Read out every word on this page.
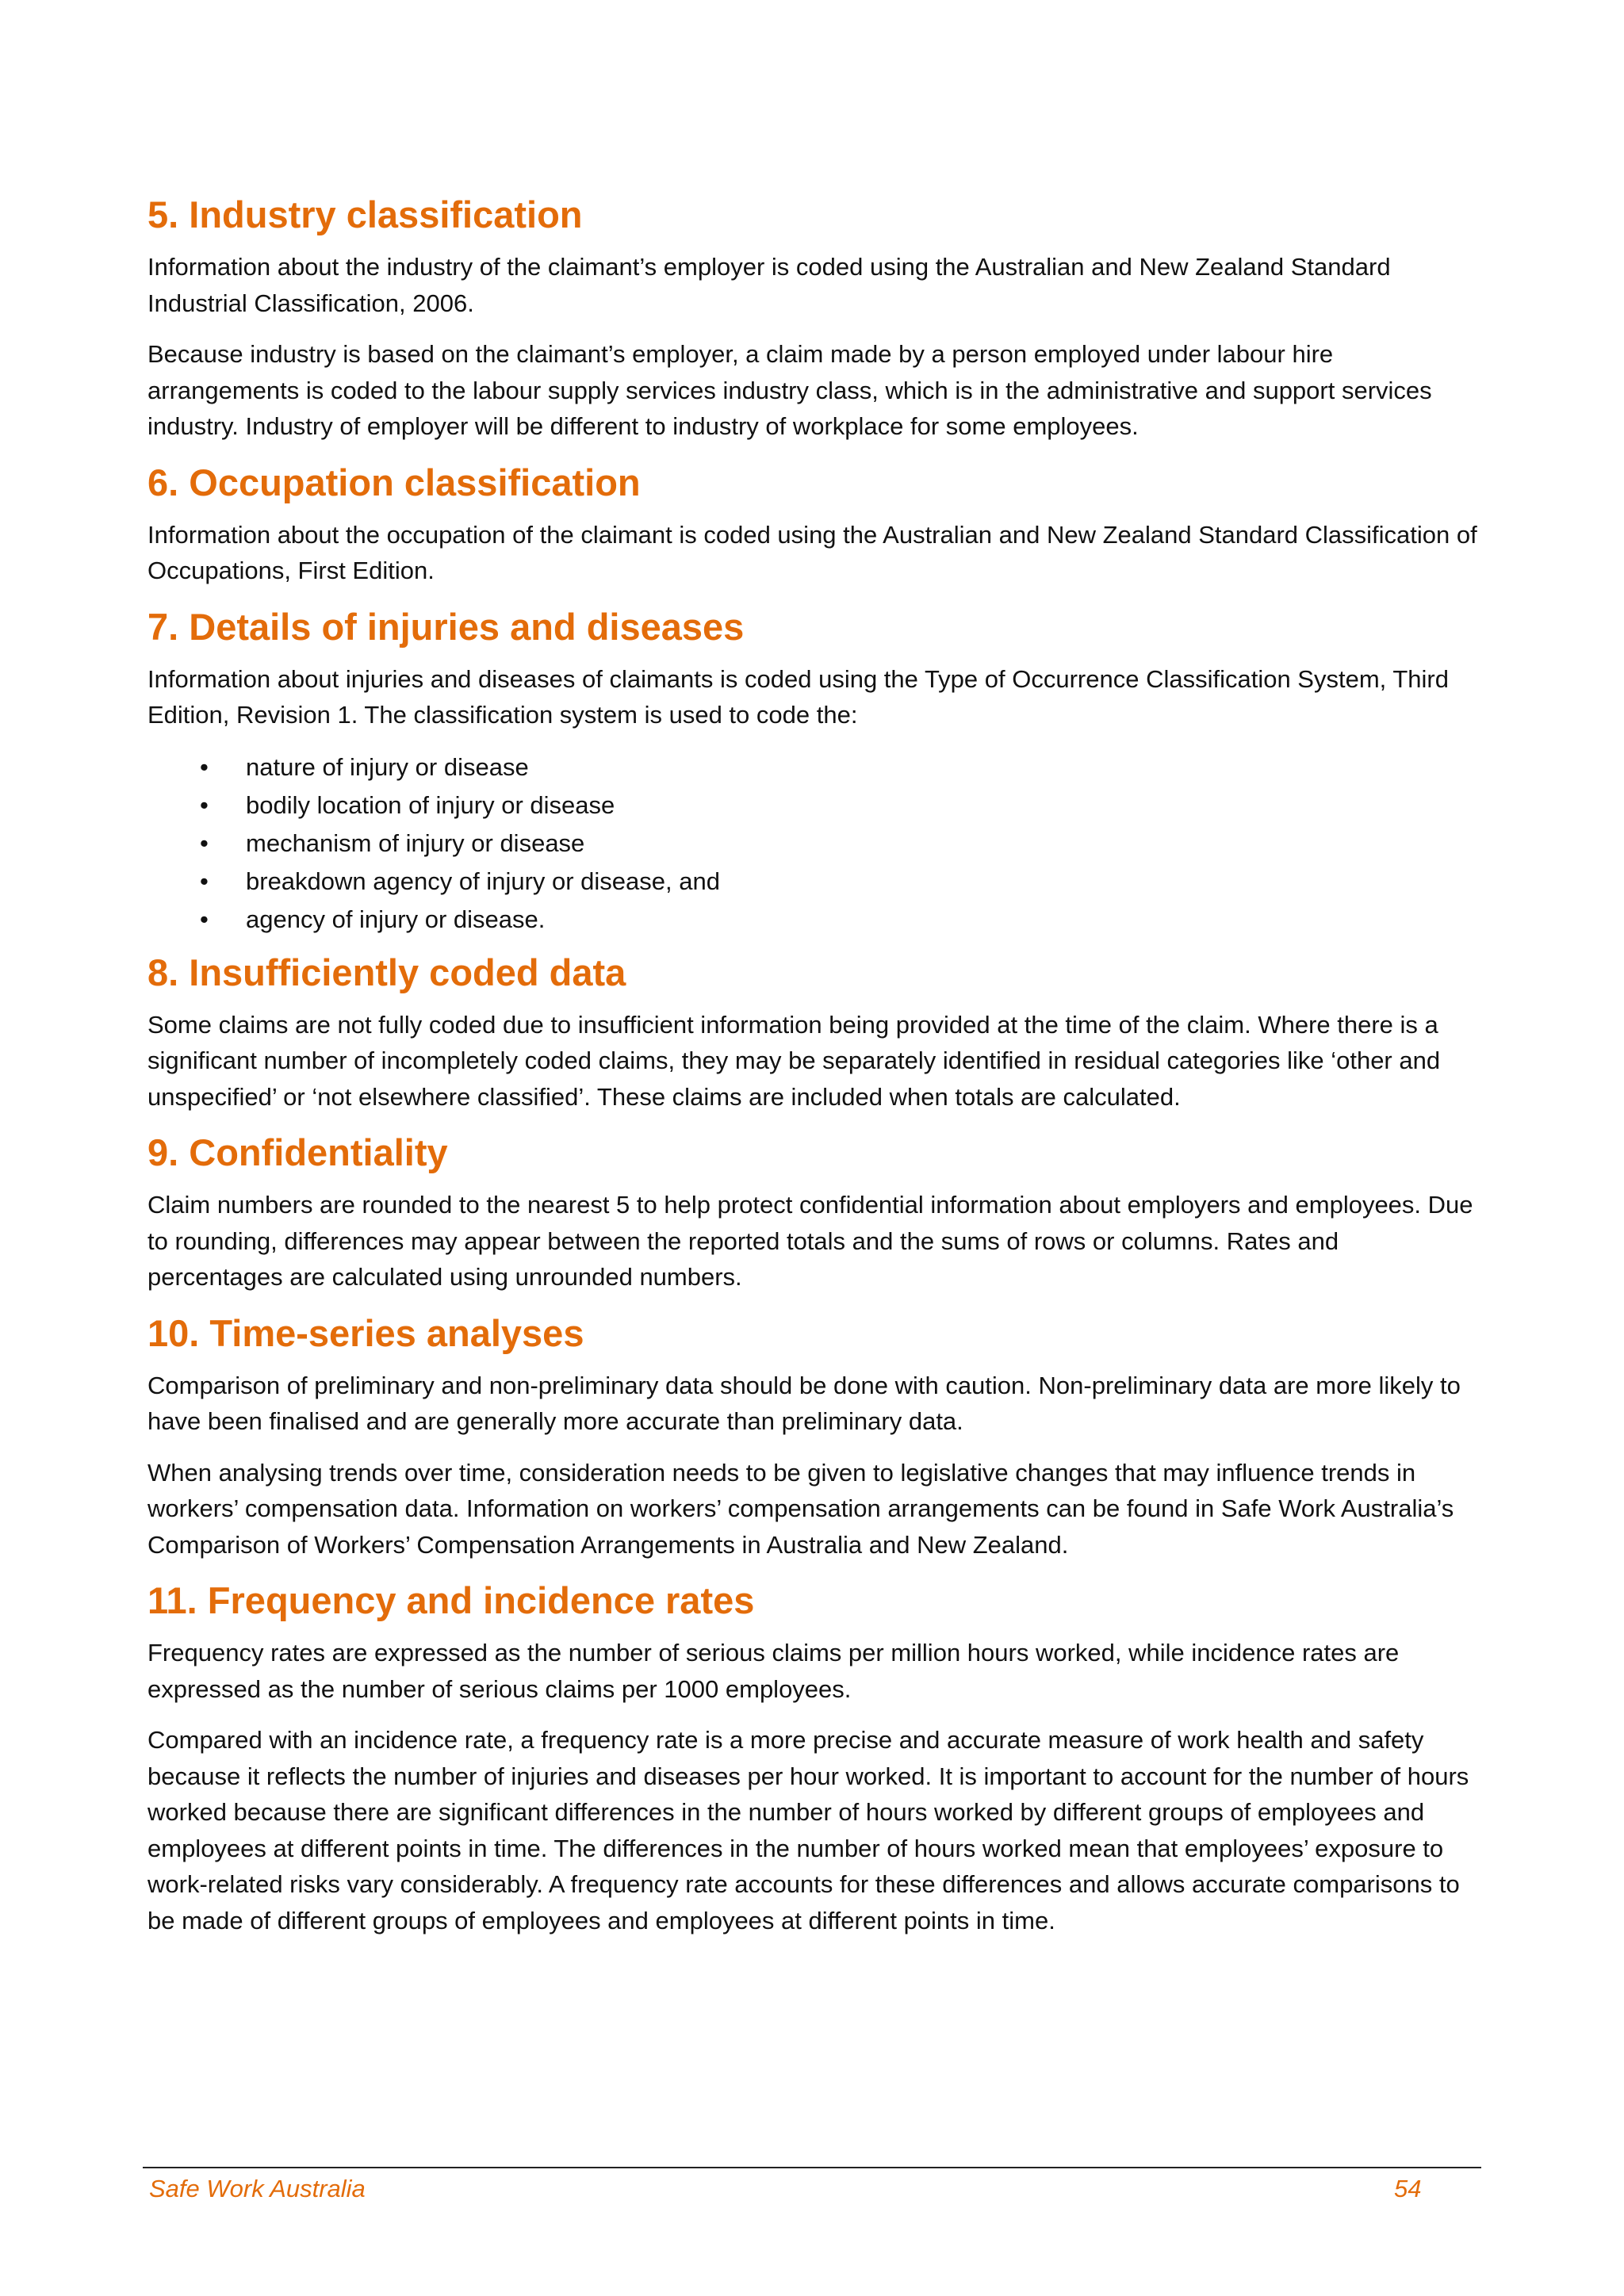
5. Industry classification

Information about the industry of the claimant’s employer is coded using the Australian and New Zealand Standard Industrial Classification, 2006.

Because industry is based on the claimant’s employer, a claim made by a person employed under labour hire arrangements is coded to the labour supply services industry class, which is in the administrative and support services industry. Industry of employer will be different to industry of workplace for some employees.

6. Occupation classification

Information about the occupation of the claimant is coded using the Australian and New Zealand Standard Classification of Occupations, First Edition.

7. Details of injuries and diseases

Information about injuries and diseases of claimants is coded using the Type of Occurrence Classification System, Third Edition, Revision 1. The classification system is used to code the:

• nature of injury or disease
• bodily location of injury or disease
• mechanism of injury or disease
• breakdown agency of injury or disease, and
• agency of injury or disease.
8. Insufficiently coded data

Some claims are not fully coded due to insufficient information being provided at the time of the claim. Where there is a significant number of incompletely coded claims, they may be separately identified in residual categories like ‘other and unspecified’ or ‘not elsewhere classified’. These claims are included when totals are calculated.

9. Confidentiality

Claim numbers are rounded to the nearest 5 to help protect confidential information about employers and employees. Due to rounding, differences may appear between the reported totals and the sums of rows or columns. Rates and percentages are calculated using unrounded numbers.

10. Time-series analyses

Comparison of preliminary and non-preliminary data should be done with caution. Non-preliminary data are more likely to have been finalised and are generally more accurate than preliminary data.

When analysing trends over time, consideration needs to be given to legislative changes that may influence trends in workers’ compensation data. Information on workers’ compensation arrangements can be found in Safe Work Australia’s Comparison of Workers’ Compensation Arrangements in Australia and New Zealand.

11. Frequency and incidence rates

Frequency rates are expressed as the number of serious claims per million hours worked, while incidence rates are expressed as the number of serious claims per 1000 employees.

Compared with an incidence rate, a frequency rate is a more precise and accurate measure of work health and safety because it reflects the number of injuries and diseases per hour worked. It is important to account for the number of hours worked because there are significant differences in the number of hours worked by different groups of employees and employees at different points in time. The differences in the number of hours worked mean that employees’ exposure to work-related risks vary considerably. A frequency rate accounts for these differences and allows accurate comparisons to be made of different groups of employees and employees at different points in time.

Safe Work Australia	54
